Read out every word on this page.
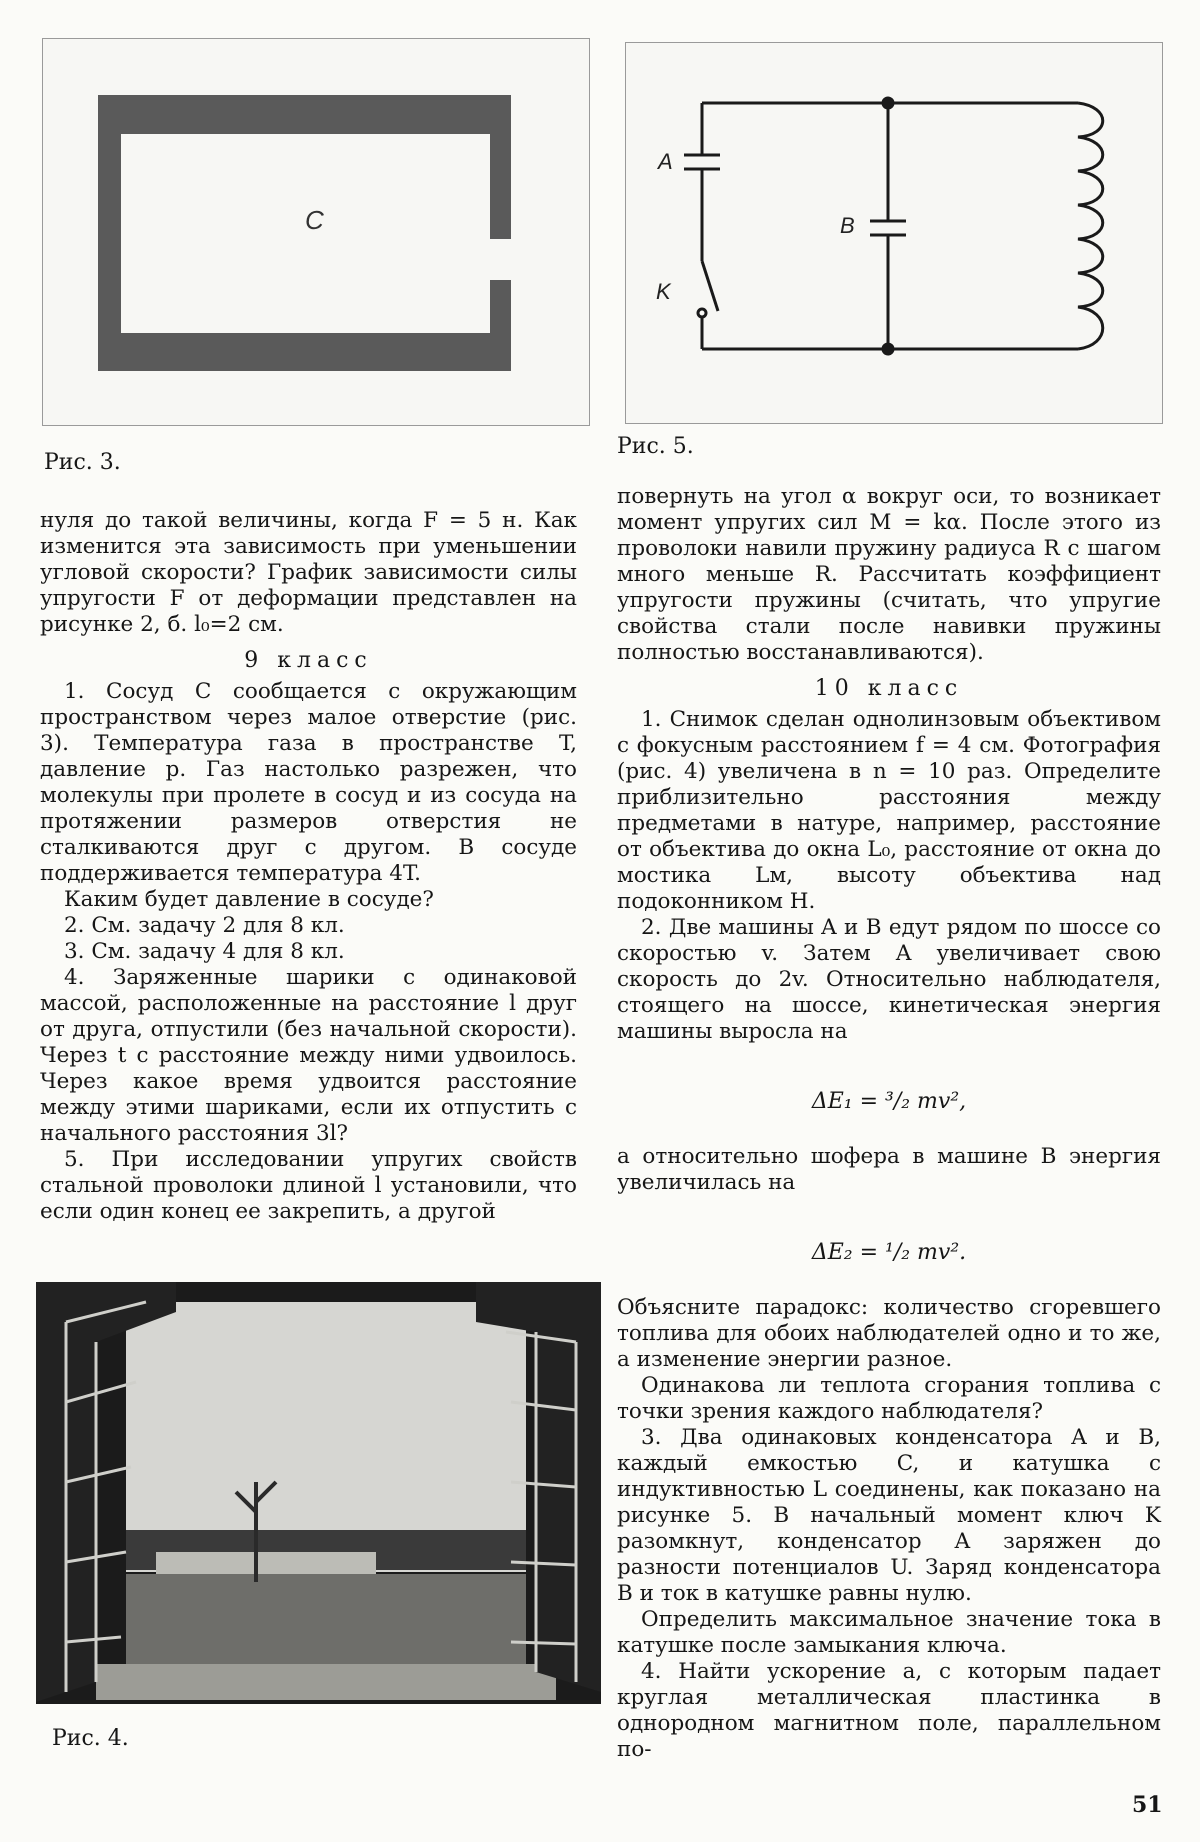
C
Рис. 3.
A
B
K
Рис. 5.

нуля до такой величины, когда F = 5 н. Как изменится эта зависимость при уменьшении угловой скорости? График зависимости силы упругости F от деформации представлен на рисунке 2, б. l₀=2 см.

9 класс

1. Сосуд С сообщается с окружающим пространством через малое отверстие (рис. 3). Температура газа в пространстве T, давление p. Газ настолько разрежен, что молекулы при пролете в сосуд и из сосуда на протяжении размеров отверстия не сталкиваются друг с другом. В сосуде поддерживается температура 4T.

Каким будет давление в сосуде?

2. См. задачу 2 для 8 кл.

3. См. задачу 4 для 8 кл.

4. Заряженные шарики с одинаковой массой, расположенные на расстояние l друг от друга, отпустили (без начальной скорости). Через t с расстояние между ними удвоилось. Через какое время удвоится расстояние между этими шариками, если их отпустить с начального расстояния 3l?

5. При исследовании упругих свойств стальной проволоки длиной l установили, что если один конец ее закрепить, а другой

Рис. 4.

повернуть на угол α вокруг оси, то возникает момент упругих сил M = kα. После этого из проволоки навили пружину радиуса R с шагом много меньше R. Рассчитать коэффициент упругости пружины (считать, что упругие свойства стали после навивки пружины полностью восстанавливаются).

10 класс

1. Снимок сделан однолинзовым объективом с фокусным расстоянием f = 4 см. Фотография (рис. 4) увеличена в n = 10 раз. Определите приблизительно расстояния между предметами в натуре, например, расстояние от объектива до окна L₀, расстояние от окна до мостика Lм, высоту объектива над подоконником H.

2. Две машины A и B едут рядом по шоссе со скоростью v. Затем A увеличивает свою скорость до 2v. Относительно наблюдателя, стоящего на шоссе, кинетическая энергия машины выросла на

ΔE₁ = ³/₂ mv²,

а относительно шофера в машине B энергия увеличилась на

ΔE₂ = ¹/₂ mv².

Объясните парадокс: количество сгоревшего топлива для обоих наблюдателей одно и то же, а изменение энергии разное.

Одинакова ли теплота сгорания топлива с точки зрения каждого наблюдателя?

3. Два одинаковых конденсатора A и B, каждый емкостью C, и катушка с индуктивностью L соединены, как показано на рисунке 5. В начальный момент ключ K разомкнут, конденсатор A заряжен до разности потенциалов U. Заряд конденсатора B и ток в катушке равны нулю.

Определить максимальное значение тока в катушке после замыкания ключа.

4. Найти ускорение a, с которым падает круглая металлическая пластинка в однородном магнитном поле, параллельном по-

51
